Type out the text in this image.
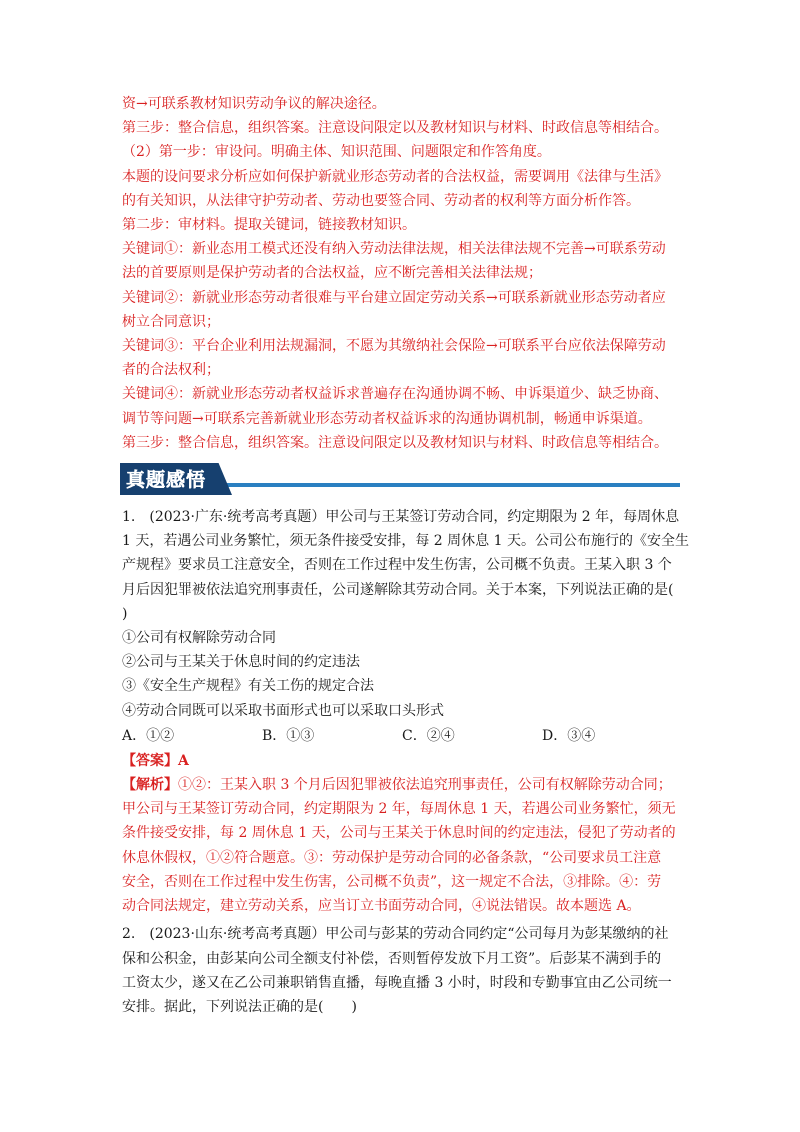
资→可联系教材知识劳动争议的解决途径。
第三步：整合信息，组织答案。注意设问限定以及教材知识与材料、时政信息等相结合。
（2）第一步：审设问。明确主体、知识范围、问题限定和作答角度。
本题的设问要求分析应如何保护新就业形态劳动者的合法权益，需要调用《法律与生活》
的有关知识，从法律守护劳动者、劳动也要签合同、劳动者的权利等方面分析作答。
第二步：审材料。提取关键词，链接教材知识。
关键词①：新业态用工模式还没有纳入劳动法律法规，相关法律法规不完善→可联系劳动
法的首要原则是保护劳动者的合法权益，应不断完善相关法律法规；
关键词②：新就业形态劳动者很难与平台建立固定劳动关系→可联系新就业形态劳动者应
树立合同意识；
关键词③：平台企业利用法规漏洞，不愿为其缴纳社会保险→可联系平台应依法保障劳动
者的合法权利；
关键词④：新就业形态劳动者权益诉求普遍存在沟通协调不畅、申诉渠道少、缺乏协商、
调节等问题→可联系完善新就业形态劳动者权益诉求的沟通协调机制，畅通申诉渠道。
第三步：整合信息，组织答案。注意设问限定以及教材知识与材料、时政信息等相结合。
真题感悟
1.　(2023·广东·统考高考真题）甲公司与王某签订劳动合同，约定期限为 2 年，每周休息
1 天，若遇公司业务繁忙，须无条件接受安排，每 2 周休息 1 天。公司公布施行的《安全生
产规程》要求员工注意安全，否则在工作过程中发生伤害，公司概不负责。王某入职 3 个
月后因犯罪被依法追究刑事责任，公司遂解除其劳动合同。关于本案，下列说法正确的是(
)
①公司有权解除劳动合同
②公司与王某关于休息时间的约定违法
③《安全生产规程》有关工伤的规定合法
④劳动合同既可以采取书面形式也可以采取口头形式
A．①②	B．①③	C．②④	D．③④
【答案】A
【解析】①②：王某入职 3 个月后因犯罪被依法追究刑事责任，公司有权解除劳动合同；
甲公司与王某签订劳动合同，约定期限为 2 年，每周休息 1 天，若遇公司业务繁忙，须无
条件接受安排，每 2 周休息 1 天，公司与王某关于休息时间的约定违法，侵犯了劳动者的
休息休假权，①②符合题意。③：劳动保护是劳动合同的必备条款，“公司要求员工注意
安全，否则在工作过程中发生伤害，公司概不负责”，这一规定不合法，③排除。④：劳
动合同法规定，建立劳动关系，应当订立书面劳动合同，④说法错误。故本题选 A。
2.　(2023·山东·统考高考真题）甲公司与彭某的劳动合同约定“公司每月为彭某缴纳的社
保和公积金，由彭某向公司全额支付补偿，否则暂停发放下月工资”。后彭某不满到手的
工资太少，遂又在乙公司兼职销售直播，每晚直播 3 小时，时段和专勤事宜由乙公司统一
安排。据此，下列说法正确的是(　　)
